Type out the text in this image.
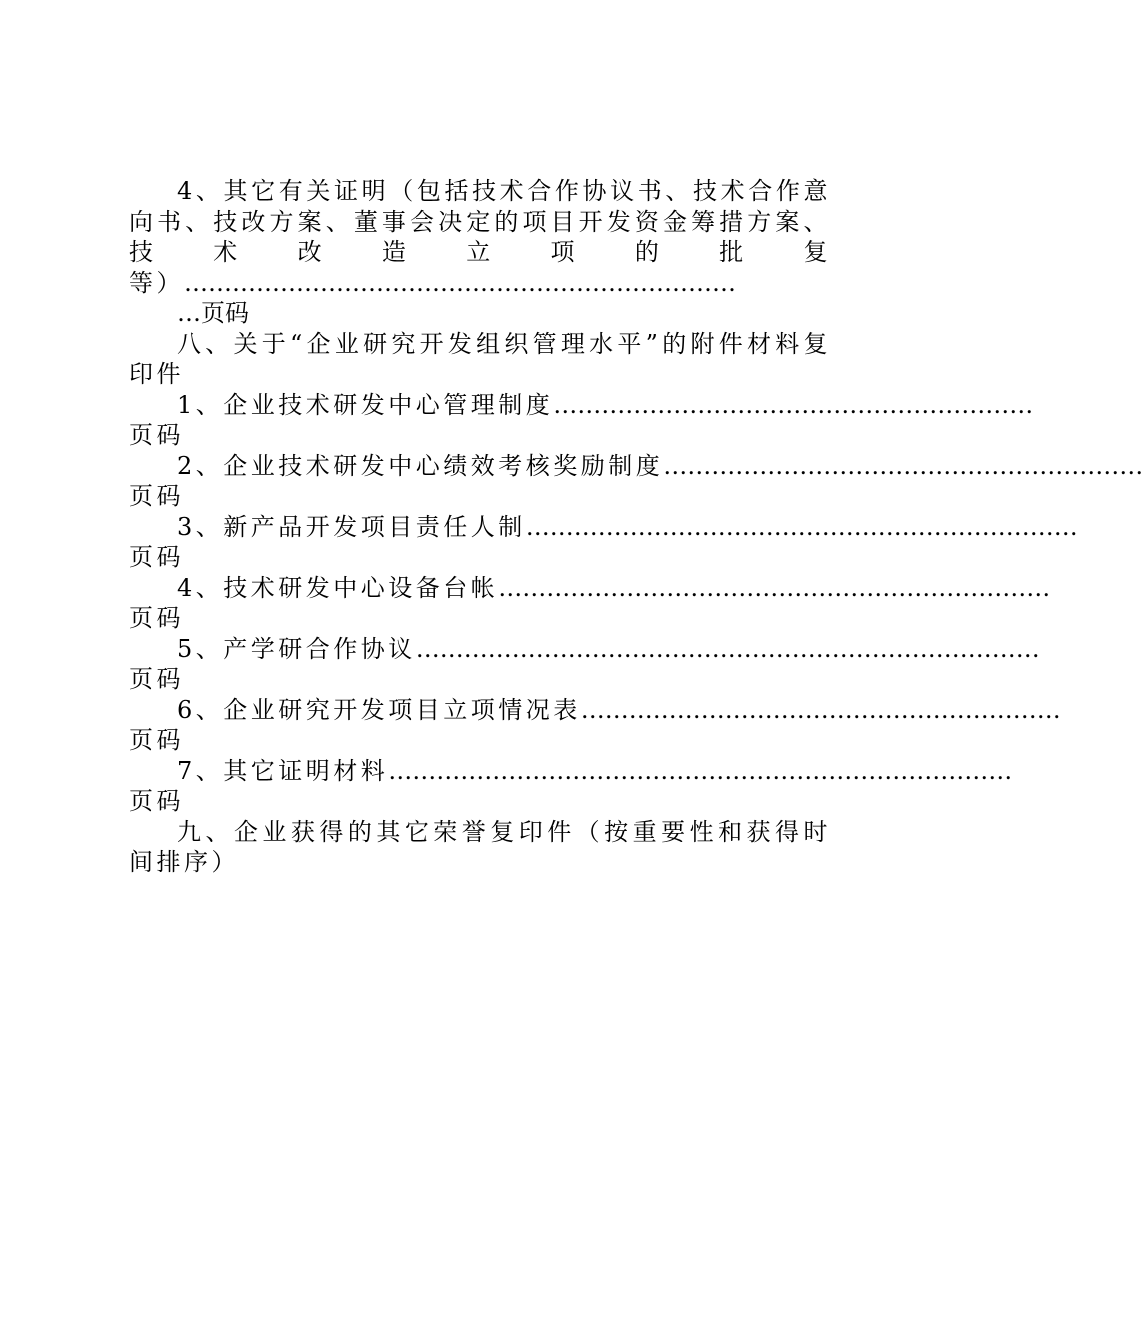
4、其它有关证明（包括技术合作协议书、技术合作意向书、技改方案、董事会决定的项目开发资金筹措方案、技术改造立项的批复等）……………………………………………………………
…页码

八、关于“企业研究开发组织管理水平”的附件材料复印件

1、企业技术研发中心管理制度 ……………………………………………………
页码
2、企业技术研发中心绩效考核奖励制度 ……………………………………………………
页码
3、新产品开发项目责任人制 ……………………………………………………………
页码
4、技术研发中心设备台帐 ……………………………………………………………
页码
5、产学研合作协议 ……………………………………………………………………
页码
6、企业研究开发项目立项情况表 ……………………………………………………
页码
7、其它证明材料 ……………………………………………………………………
页码

九、企业获得的其它荣誉复印件（按重要性和获得时间排序）
